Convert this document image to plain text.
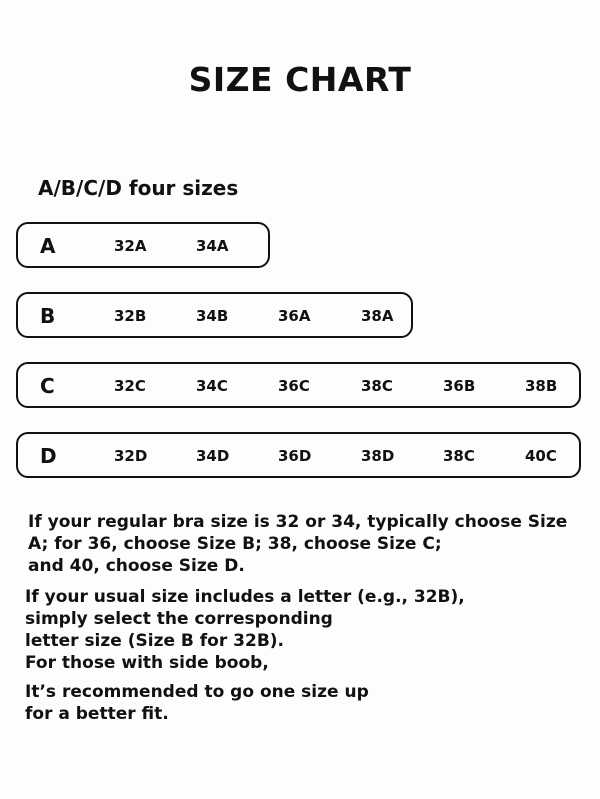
SIZE CHART
A/B/C/D four sizes
A	32A	34A
B	32B	34B	36A	38A
C	32C	34C	36C	38C	36B	38B
D	32D	34D	36D	38D	38C	40C
If your regular bra size is 32 or 34, typically choose Size
A; for 36, choose Size B; 38, choose Size C;
and 40, choose Size D.
If your usual size includes a letter (e.g., 32B),
simply select the corresponding
letter size (Size B for 32B).
For those with side boob,
It’s recommended to go one size up
for a better fit.
